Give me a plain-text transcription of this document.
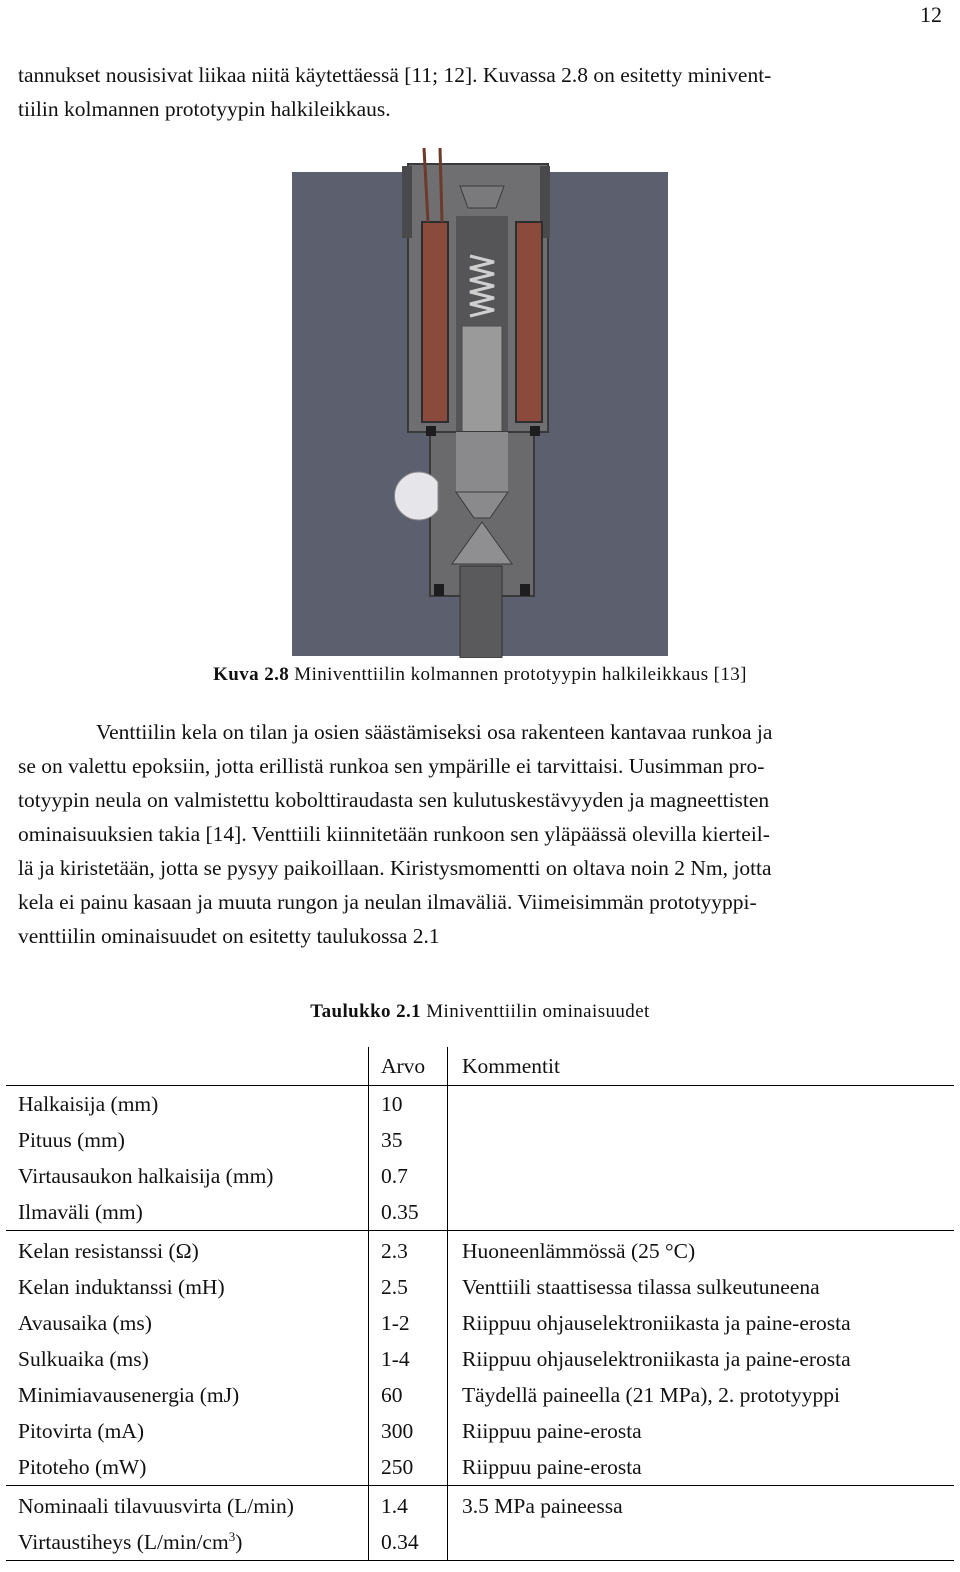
12

tannukset nousisivat liikaa niitä käytettäessä [11; 12]. Kuvassa 2.8 on esitetty minivent-
tiilin kolmannen prototyypin halkileikkaus.

Kuva 2.8 Miniventtiilin kolmannen prototyypin halkileikkaus [13]

Venttiilin kela on tilan ja osien säästämiseksi osa rakenteen kantavaa runkoa ja
se on valettu epoksiin, jotta erillistä runkoa sen ympärille ei tarvittaisi. Uusimman pro-
totyypin neula on valmistettu kobolttiraudasta sen kulutuskestävyyden ja magneettisten
ominaisuuksien takia [14]. Venttiili kiinnitetään runkoon sen yläpäässä olevilla kierteil-
lä ja kiristetään, jotta se pysyy paikoillaan. Kiristysmomentti on oltava noin 2 Nm, jotta
kela ei painu kasaan ja muuta rungon ja neulan ilmaväliä. Viimeisimmän prototyyppi-
venttiilin ominaisuudet on esitetty taulukossa 2.1

Taulukko 2.1 Miniventtiilin ominaisuudet
	Arvo	Kommentit
Halkaisija (mm)	10	
Pituus (mm)	35	
Virtausaukon halkaisija (mm)	0.7	
Ilmaväli (mm)	0.35	
Kelan resistanssi (Ω)	2.3	Huoneenlämmössä (25 °C)
Kelan induktanssi (mH)	2.5	Venttiili staattisessa tilassa sulkeutuneena
Avausaika (ms)	1-2	Riippuu ohjauselektroniikasta ja paine-erosta
Sulkuaika (ms)	1-4	Riippuu ohjauselektroniikasta ja paine-erosta
Minimiavausenergia (mJ)	60	Täydellä paineella (21 MPa), 2. prototyyppi
Pitovirta (mA)	300	Riippuu paine-erosta
Pitoteho (mW)	250	Riippuu paine-erosta
Nominaali tilavuusvirta (L/min)	1.4	3.5 MPa paineessa
Virtaustiheys $(L/\min/cm^3)$	0.34	
